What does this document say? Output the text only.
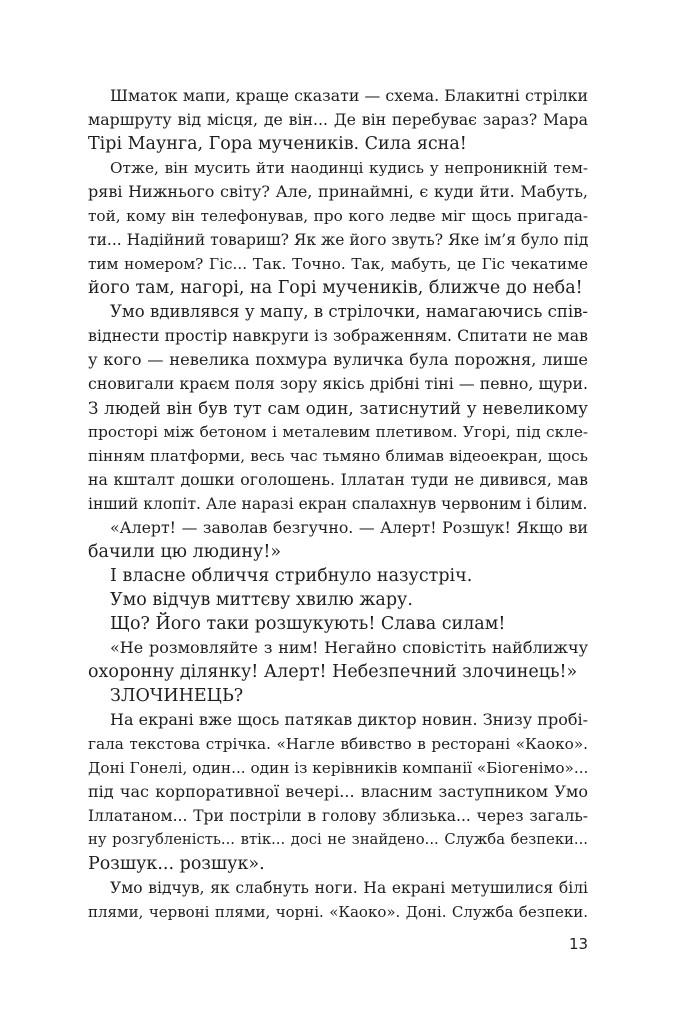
Шматок мапи, краще сказати — схема. Блакитні стрілки
маршруту від місця, де він... Де він перебуває зараз? Мара
Тірі Маунга, Гора мучеників. Сила ясна!
Отже, він мусить йти наодинці кудись у непроникній тем-
ряві Нижнього світу? Але, принаймні, є куди йти. Мабуть,
той, кому він телефонував, про кого ледве міг щось пригада-
ти... Надійний товариш? Як же його звуть? Яке ім’я було під
тим номером? Гіс... Так. Точно. Так, мабуть, це Гіс чекатиме
його там, нагорі, на Горі мучеників, ближче до неба!
Умо вдивлявся у мапу, в стрілочки, намагаючись спів-
віднести простір навкруги із зображенням. Спитати не мав
у кого — невелика похмура вуличка була порожня, лише
сновигали краєм поля зору якісь дрібні тіні — певно, щури.
З людей він був тут сам один, затиснутий у невеликому
просторі між бетоном і металевим плетивом. Угорі, під скле-
пінням платформи, весь час тьмяно блимав відеоекран, щось
на кшталт дошки оголошень. Іллатан туди не дивився, мав
інший клопіт. Але наразі екран спалахнув червоним і білим.
«Алерт! — заволав безгучно. — Алерт! Розшук! Якщо ви
бачили цю людину!»
І власне обличчя стрибнуло назустріч.
Умо відчув миттєву хвилю жару.
Що? Його таки розшукують! Слава силам!
«Не розмовляйте з ним! Негайно сповістіть найближчу
охоронну ділянку! Алерт! Небезпечний злочинець!»
ЗЛОЧИНЕЦЬ?
На екрані вже щось патякав диктор новин. Знизу пробі-
гала текстова стрічка. «Нагле вбивство в ресторані «Каоко».
Доні Гонелі, один... один із керівників компанії «Біогенімо»...
під час корпоративної вечері... власним заступником Умо
Іллатаном... Три постріли в голову зблизька... через загаль-
ну розгубленість... втік... досі не знайдено... Служба безпеки...
Розшук... розшук».
Умо відчув, як слабнуть ноги. На екрані метушилися білі
плями, червоні плями, чорні. «Каоко». Доні. Служба безпеки.
13
